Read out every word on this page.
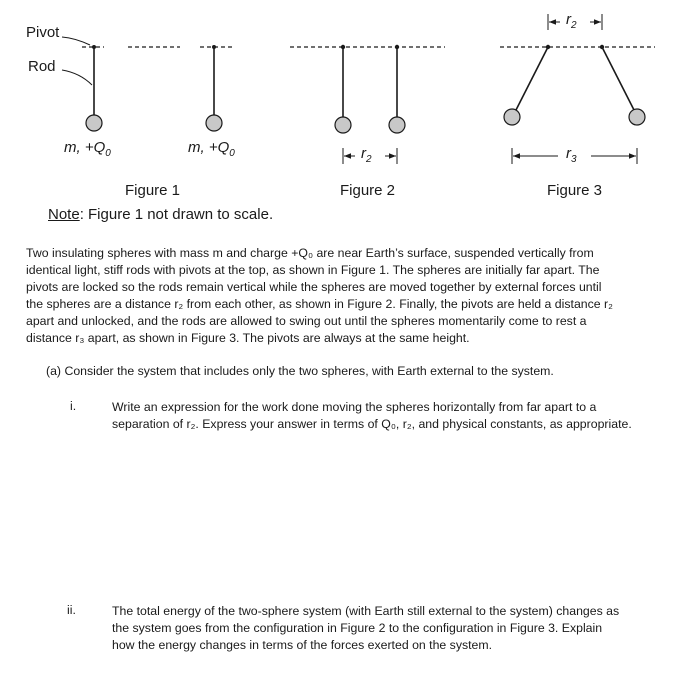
Pivot
Rod
m, $+Q_0$	m, $+Q_0$	$r_2$
$r_2$
$r_3$
Figure 1	Figure 2	Figure 3
Note: Figure 1 not drawn to scale.
Two insulating spheres with mass m and charge +Q₀ are near Earth’s surface, suspended vertically from
identical light, stiff rods with pivots at the top, as shown in Figure 1. The spheres are initially far apart. The
pivots are locked so the rods remain vertical while the spheres are moved together by external forces until
the spheres are a distance r₂ from each other, as shown in Figure 2. Finally, the pivots are held a distance r₂
apart and unlocked, and the rods are allowed to swing out until the spheres momentarily come to rest a
distance r₃ apart, as shown in Figure 3. The pivots are always at the same height.
(a) Consider the system that includes only the two spheres, with Earth external to the system.
i.	Write an expression for the work done moving the spheres horizontally from far apart to a
separation of r₂. Express your answer in terms of Q₀, r₂, and physical constants, as appropriate.
ii.	The total energy of the two-sphere system (with Earth still external to the system) changes as
the system goes from the configuration in Figure 2 to the configuration in Figure 3. Explain
how the energy changes in terms of the forces exerted on the system.
